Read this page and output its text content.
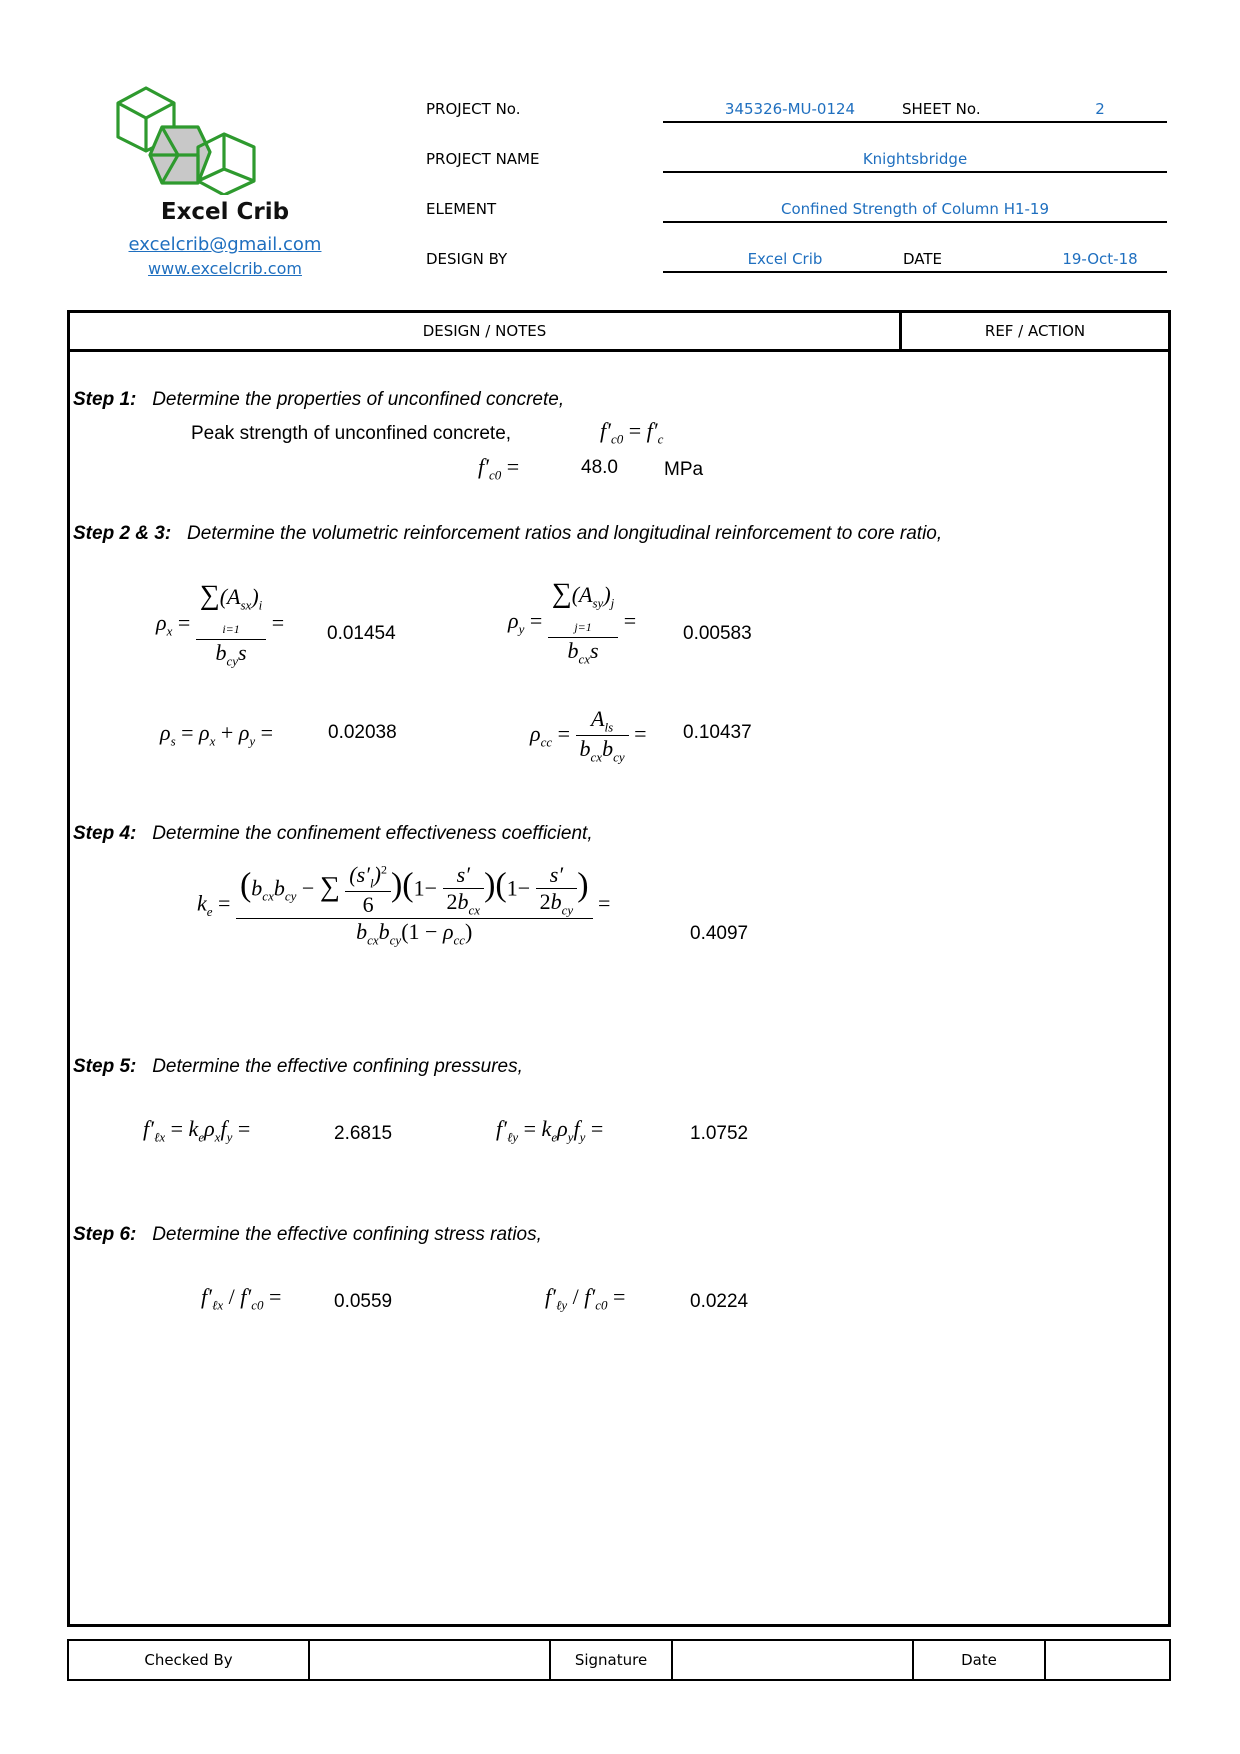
Excel Crib
excelcrib@gmail.com
www.excelcrib.com
PROJECT No.	345326-MU-0124	SHEET No.	2
PROJECT NAME	Knightsbridge
ELEMENT	Confined Strength of Column H1-19
DESIGN BY	Excel Crib	DATE	19-Oct-18
DESIGN / NOTES	REF / ACTION
Step 1: Determine the properties of unconfined concrete,
Peak strength of unconfined concrete,	$f'_{c0} = f'_c$
$f'_{c0}$ =	48.0 MPa
Step 2 & 3: Determine the volumetric reinforcement ratios and longitudinal reinforcement to core ratio,
$\rho_x$ =
$\sum(A_{sx})_i$
i=1
$b_{cy}s$
= 0.01454
$\rho_y$ =
$\sum(A_{sy})_j$
j=1
$b_{cx}s$
=
0.00583
$\rho_s = \rho_x + \rho_y$ =	0.02038	$\rho_{cc} = \frac{A_{ls}}{b_{cx}b_{cy}} = 0.10437$
Step 4: Determine the confinement effectiveness coefficient,
$k_e = (b_{cx}b_{cy}$ − ∑ $\frac{(s'_l)^2}{6} )(1- \frac{s'}{2b_{cx}} )(1- \frac{s'}{2b_{cy}}$ )
$b_{cx}b_{cy}(1 - \rho_{cc})$
=
0.4097
Step 5: Determine the effective confining pressures,
$f'_{\ell x} = k_e\rho_xf_y$ =	2.6815	$f'_{\ell y} = k_e\rho_yf_y$ =	1.0752
Step 6: Determine the effective confining stress ratios,
$f'_{\ell x} / f'_{c0}$ =	0.0559	$f'_{\ell y} / f'_{c0}$ =	0.0224
Checked By		Signature		Date	
